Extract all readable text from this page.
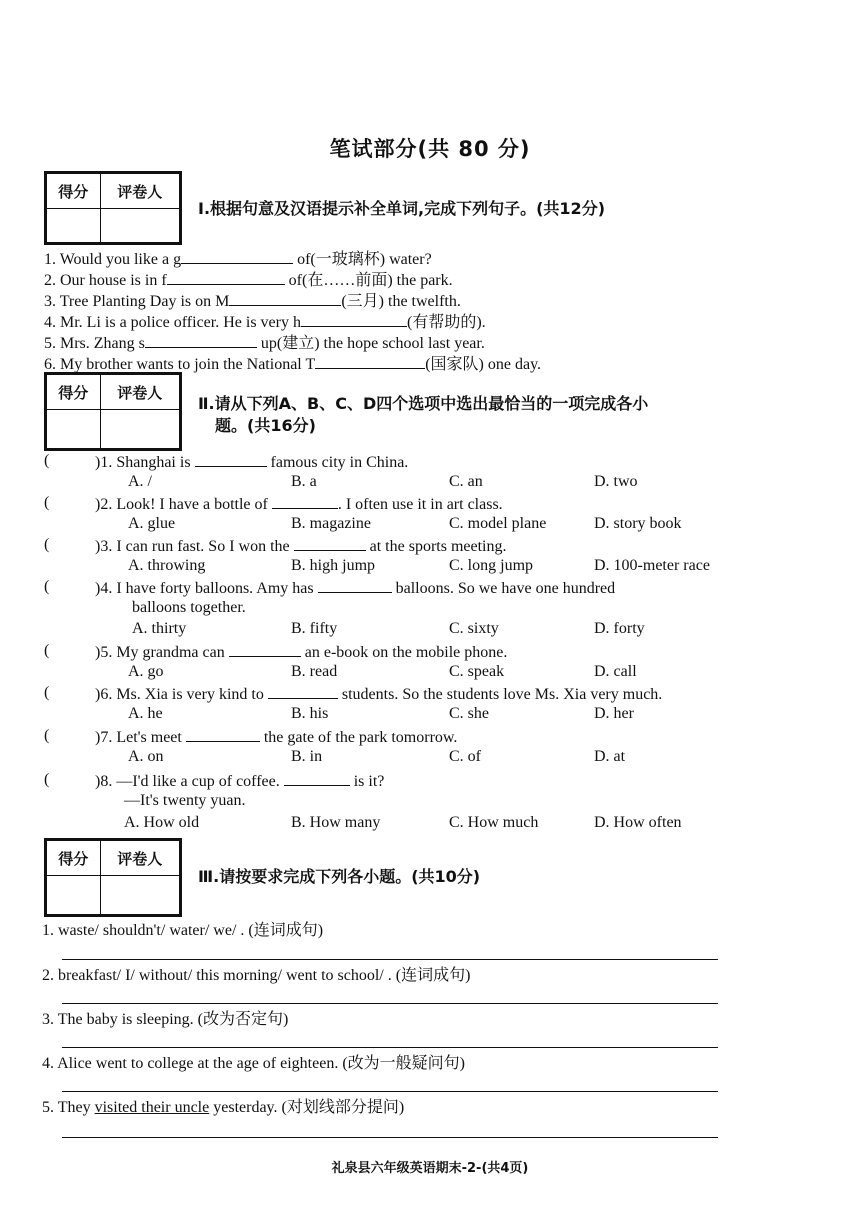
笔试部分(共 80 分)
得分	评卷人

Ⅰ.根据句意及汉语提示补全单词,完成下列句子。(共12分)
1. Would you like a g	of(一玻璃杯) water?
2. Our house is in f	of(在……前面) the park.
3. Tree Planting Day is on M	(三月) the twelfth.
4. Mr. Li is a police officer. He is very h	(有帮助的).
5. Mrs. Zhang s	up(建立) the hope school last year.
6. My brother wants to join the National T	(国家队) one day.
得分	评卷人

Ⅱ.请从下列A、B、C、D四个选项中选出最恰当的一项完成各小
题。(共16分)
(	)1. Shanghai is	famous city in China.
A. /	B. a	C. an	D. two
(	)2. Look! I have a bottle of	. I often use it in art class.
A. glue	B. magazine	C. model plane	D. story book
(	)3. I can run fast. So I won the	at the sports meeting.
A. throwing	B. high jump	C. long jump	D. 100-meter race
(	)4. I have forty balloons. Amy has	balloons. So we have one hundred
balloons together.
A. thirty	B. fifty	C. sixty	D. forty
(	)5. My grandma can	an e-book on the mobile phone.
A. go	B. read	C. speak	D. call
(	)6. Ms. Xia is very kind to	students. So the students love Ms. Xia very much.
A. he	B. his	C. she	D. her
(	)7. Let's meet	the gate of the park tomorrow.
A. on	B. in	C. of	D. at
(	)8. —I'd like a cup of coffee.	is it?
—It's twenty yuan.
A. How old	B. How many	C. How much	D. How often
得分	评卷人

Ⅲ.请按要求完成下列各小题。(共10分)
1. waste/ shouldn't/ water/ we/ . (连词成句)
2. breakfast/ I/ without/ this morning/ went to school/ . (连词成句)
3. The baby is sleeping. (改为否定句)
4. Alice went to college at the age of eighteen. (改为一般疑问句)
5. They visited their uncle yesterday. (对划线部分提问)
礼泉县六年级英语期末-2-(共4页)
